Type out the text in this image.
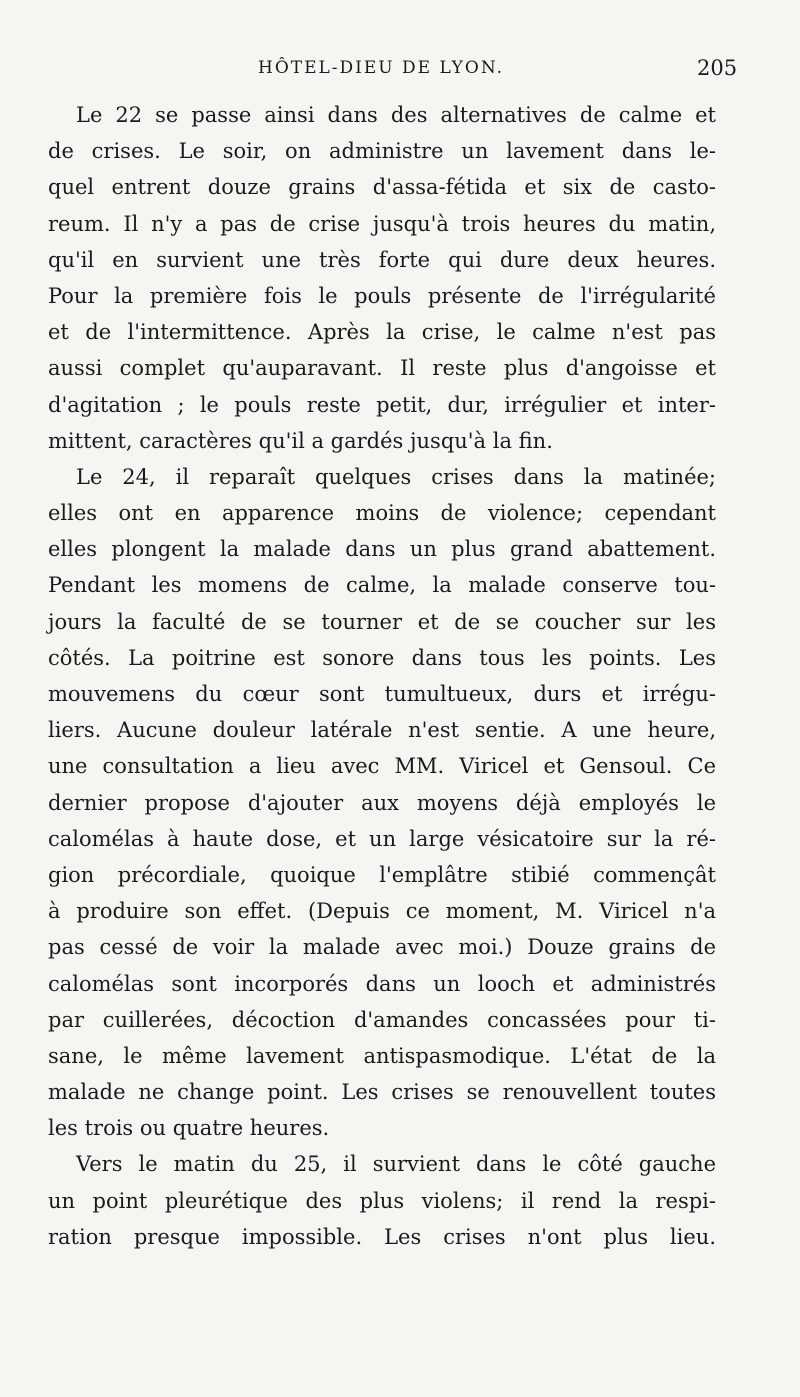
HÔTEL-DIEU DE LYON.	205
Le 22 se passe ainsi dans des alternatives de calme et
de crises. Le soir, on administre un lavement dans le-
quel entrent douze grains d'assa-fétida et six de casto-
reum. Il n'y a pas de crise jusqu'à trois heures du matin,
qu'il en survient une très forte qui dure deux heures.
Pour la première fois le pouls présente de l'irrégularité
et de l'intermittence. Après la crise, le calme n'est pas
aussi complet qu'auparavant. Il reste plus d'angoisse et
d'agitation ; le pouls reste petit, dur, irrégulier et inter-
mittent, caractères qu'il a gardés jusqu'à la fin.
Le 24, il reparaît quelques crises dans la matinée;
elles ont en apparence moins de violence; cependant
elles plongent la malade dans un plus grand abattement.
Pendant les momens de calme, la malade conserve tou-
jours la faculté de se tourner et de se coucher sur les
côtés. La poitrine est sonore dans tous les points. Les
mouvemens du cœur sont tumultueux, durs et irrégu-
liers. Aucune douleur latérale n'est sentie. A une heure,
une consultation a lieu avec MM. Viricel et Gensoul. Ce
dernier propose d'ajouter aux moyens déjà employés le
calomélas à haute dose, et un large vésicatoire sur la ré-
gion précordiale, quoique l'emplâtre stibié commençât
à produire son effet. (Depuis ce moment, M. Viricel n'a
pas cessé de voir la malade avec moi.) Douze grains de
calomélas sont incorporés dans un looch et administrés
par cuillerées, décoction d'amandes concassées pour ti-
sane, le même lavement antispasmodique. L'état de la
malade ne change point. Les crises se renouvellent toutes
les trois ou quatre heures.
Vers le matin du 25, il survient dans le côté gauche
un point pleurétique des plus violens; il rend la respi-
ration presque impossible. Les crises n'ont plus lieu.
